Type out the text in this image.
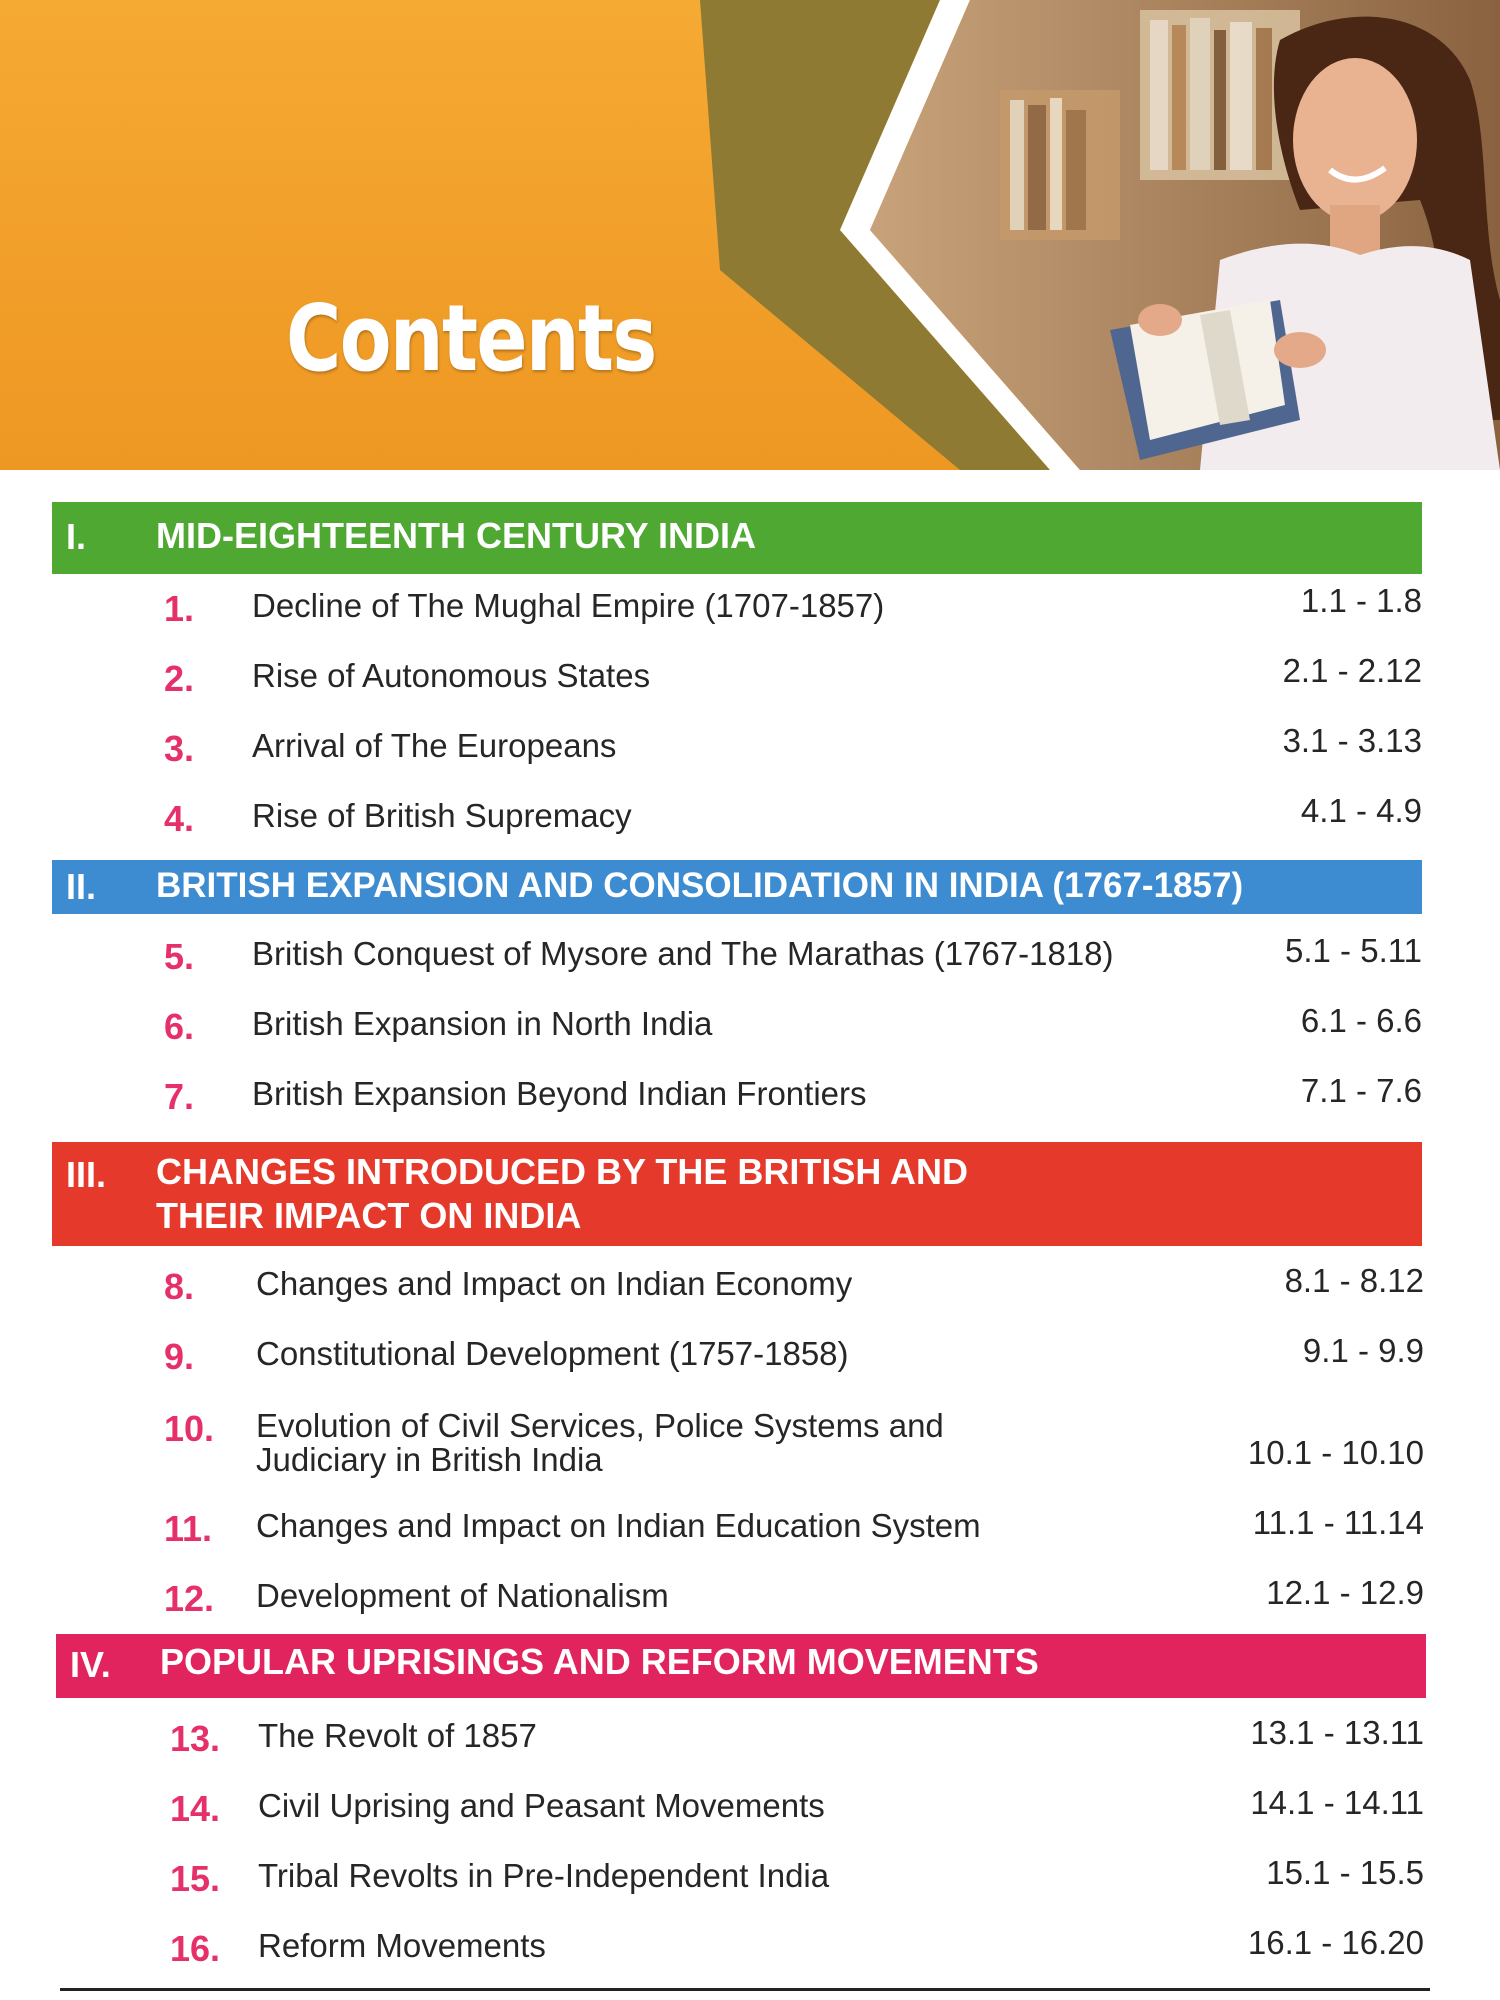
Contents
I. MID-EIGHTEENTH CENTURY INDIA
1. Decline of The Mughal Empire (1707-1857)	1.1 - 1.8
2. Rise of Autonomous States	2.1 - 2.12
3. Arrival of The Europeans	3.1 - 3.13
4. Rise of British Supremacy	4.1 - 4.9
II. BRITISH EXPANSION AND CONSOLIDATION IN INDIA (1767-1857)
5. British Conquest of Mysore and The Marathas (1767-1818)	5.1 - 5.11
6. British Expansion in North India	6.1 - 6.6
7. British Expansion Beyond Indian Frontiers	7.1 - 7.6
III. CHANGES INTRODUCED BY THE BRITISH AND
THEIR IMPACT ON INDIA
8. Changes and Impact on Indian Economy	8.1 - 8.12
9. Constitutional Development (1757-1858)	9.1 - 9.9
10. Evolution of Civil Services, Police Systems and
Judiciary in British India	10.1 - 10.10
11. Changes and Impact on Indian Education System	11.1 - 11.14
12. Development of Nationalism	12.1 - 12.9
IV. POPULAR UPRISINGS AND REFORM MOVEMENTS
13. The Revolt of 1857	13.1 - 13.11
14. Civil Uprising and Peasant Movements	14.1 - 14.11
15. Tribal Revolts in Pre-Independent India	15.1 - 15.5
16. Reform Movements	16.1 - 16.20
